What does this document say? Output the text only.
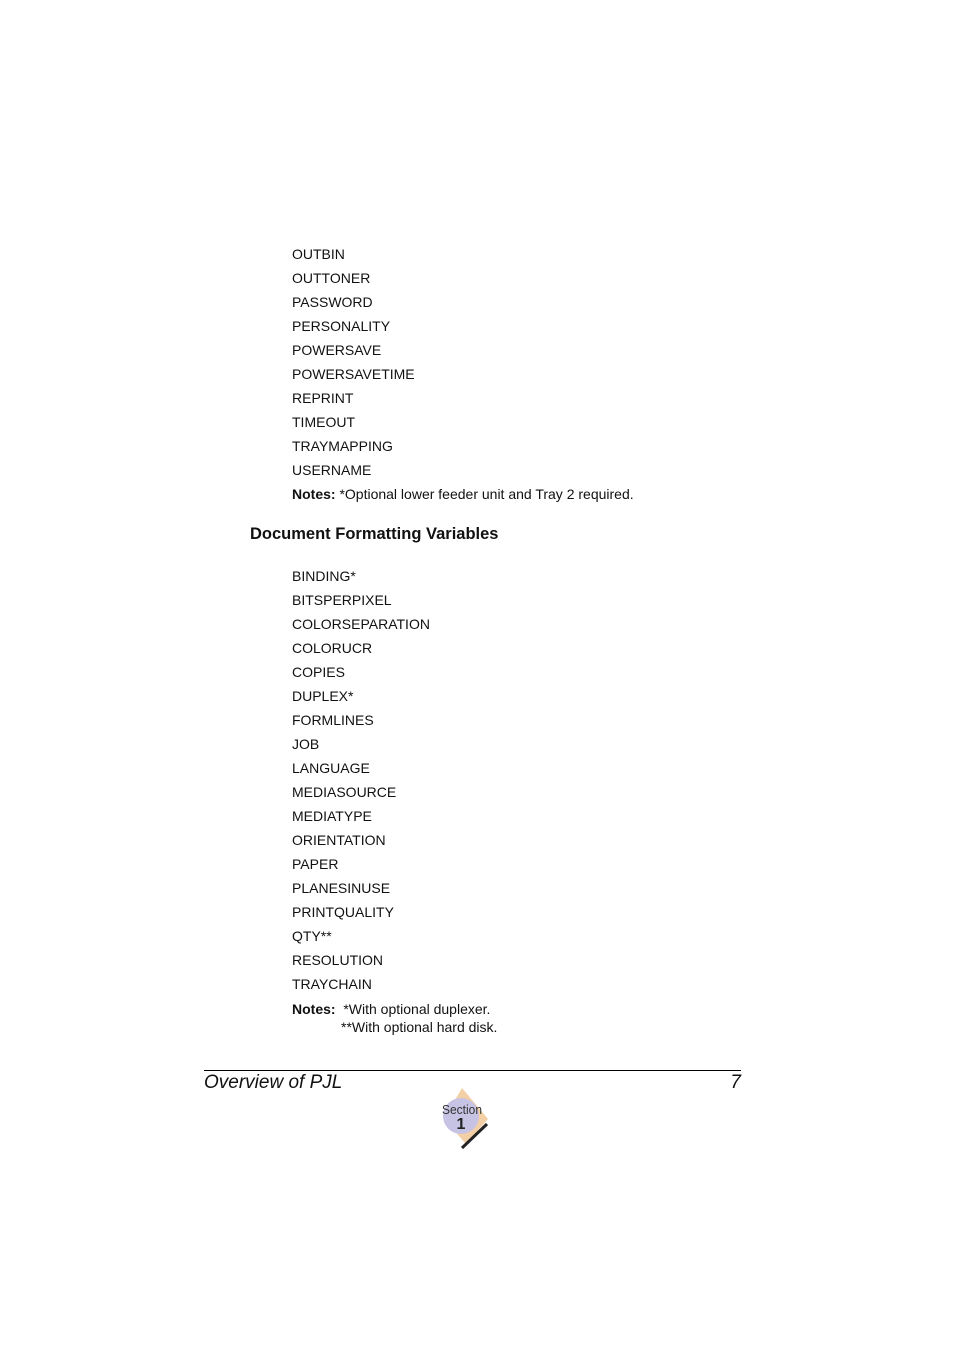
OUTBIN
OUTTONER
PASSWORD
PERSONALITY
POWERSAVE
POWERSAVETIME
REPRINT
TIMEOUT
TRAYMAPPING
USERNAME
Notes: *Optional lower feeder unit and Tray 2 required.
Document Formatting Variables
BINDING*
BITSPERPIXEL
COLORSEPARATION
COLORUCR
COPIES
DUPLEX*
FORMLINES
JOB
LANGUAGE
MEDIASOURCE
MEDIATYPE
ORIENTATION
PAPER
PLANESINUSE
PRINTQUALITY
QTY**
RESOLUTION
TRAYCHAIN
Notes:  *With optional duplexer.
**With optional hard disk.
Overview of PJL	7
Section
1
